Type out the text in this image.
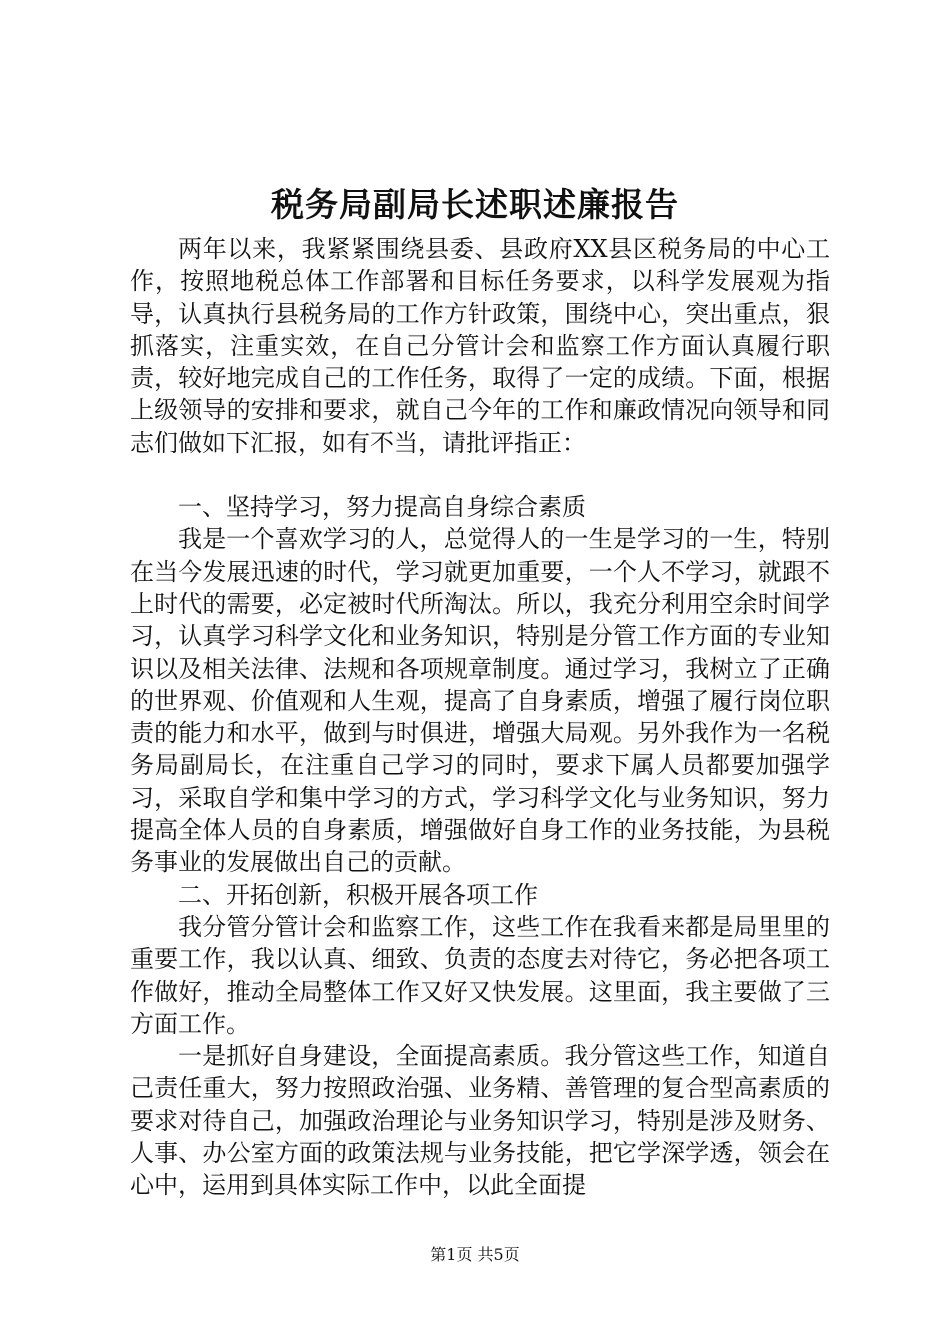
税务局副局长述职述廉报告

两年以来，我紧紧围绕县委、县政府XX县区税务局的中心工作，按照地税总体工作部署和目标任务要求，以科学发展观为指导，认真执行县税务局的工作方针政策，围绕中心，突出重点，狠抓落实，注重实效，在自己分管计会和监察工作方面认真履行职责，较好地完成自己的工作任务，取得了一定的成绩。下面，根据上级领导的安排和要求，就自己今年的工作和廉政情况向领导和同志们做如下汇报，如有不当，请批评指正：

一、坚持学习，努力提高自身综合素质

我是一个喜欢学习的人，总觉得人的一生是学习的一生，特别在当今发展迅速的时代，学习就更加重要，一个人不学习，就跟不上时代的需要，必定被时代所淘汰。所以，我充分利用空余时间学习，认真学习科学文化和业务知识，特别是分管工作方面的专业知识以及相关法律、法规和各项规章制度。通过学习，我树立了正确的世界观、价值观和人生观，提高了自身素质，增强了履行岗位职责的能力和水平，做到与时俱进，增强大局观。另外我作为一名税务局副局长，在注重自己学习的同时，要求下属人员都要加强学习，采取自学和集中学习的方式，学习科学文化与业务知识，努力提高全体人员的自身素质，增强做好自身工作的业务技能，为县税务事业的发展做出自己的贡献。

二、开拓创新，积极开展各项工作

我分管分管计会和监察工作，这些工作在我看来都是局里里的重要工作，我以认真、细致、负责的态度去对待它，务必把各项工作做好，推动全局整体工作又好又快发展。这里面，我主要做了三方面工作。

一是抓好自身建设，全面提高素质。我分管这些工作，知道自己责任重大，努力按照政治强、业务精、善管理的复合型高素质的要求对待自己，加强政治理论与业务知识学习，特别是涉及财务、人事、办公室方面的政策法规与业务技能，把它学深学透，领会在心中，运用到具体实际工作中，以此全面提

第1页 共5页
